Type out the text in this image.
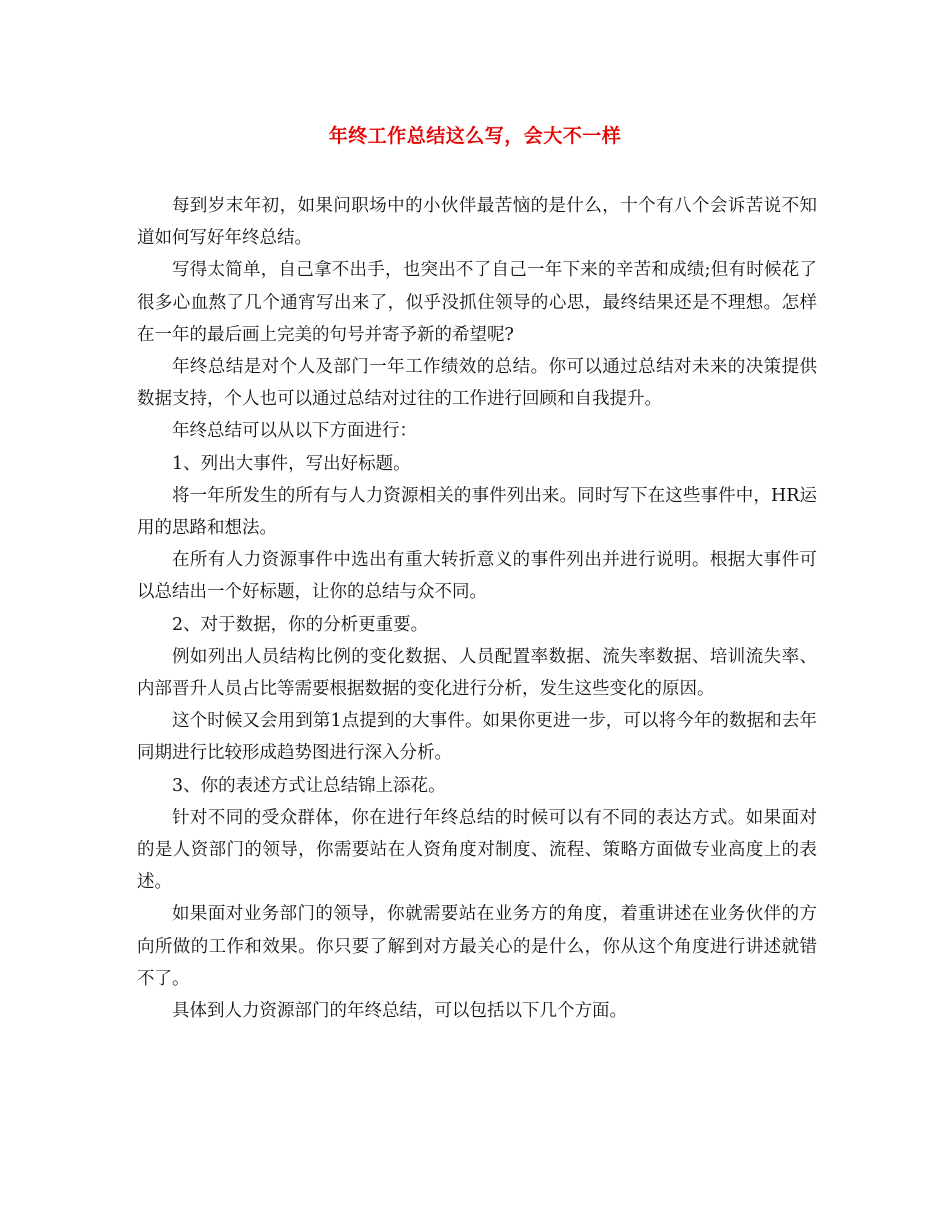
年终工作总结这么写，会大不一样

每到岁末年初，如果问职场中的小伙伴最苦恼的是什么，十个有八个会诉苦说不知道如何写好年终总结。

写得太简单，自己拿不出手，也突出不了自己一年下来的辛苦和成绩;但有时候花了很多心血熬了几个通宵写出来了，似乎没抓住领导的心思，最终结果还是不理想。怎样在一年的最后画上完美的句号并寄予新的希望呢?

年终总结是对个人及部门一年工作绩效的总结。你可以通过总结对未来的决策提供数据支持，个人也可以通过总结对过往的工作进行回顾和自我提升。

年终总结可以从以下方面进行：

1、列出大事件，写出好标题。

将一年所发生的所有与人力资源相关的事件列出来。同时写下在这些事件中，HR运用的思路和想法。

在所有人力资源事件中选出有重大转折意义的事件列出并进行说明。根据大事件可以总结出一个好标题，让你的总结与众不同。

2、对于数据，你的分析更重要。

例如列出人员结构比例的变化数据、人员配置率数据、流失率数据、培训流失率、内部晋升人员占比等需要根据数据的变化进行分析，发生这些变化的原因。

这个时候又会用到第1点提到的大事件。如果你更进一步，可以将今年的数据和去年同期进行比较形成趋势图进行深入分析。

3、你的表述方式让总结锦上添花。

针对不同的受众群体，你在进行年终总结的时候可以有不同的表达方式。如果面对的是人资部门的领导，你需要站在人资角度对制度、流程、策略方面做专业高度上的表述。

如果面对业务部门的领导，你就需要站在业务方的角度，着重讲述在业务伙伴的方向所做的工作和效果。你只要了解到对方最关心的是什么，你从这个角度进行讲述就错不了。

具体到人力资源部门的年终总结，可以包括以下几个方面。
